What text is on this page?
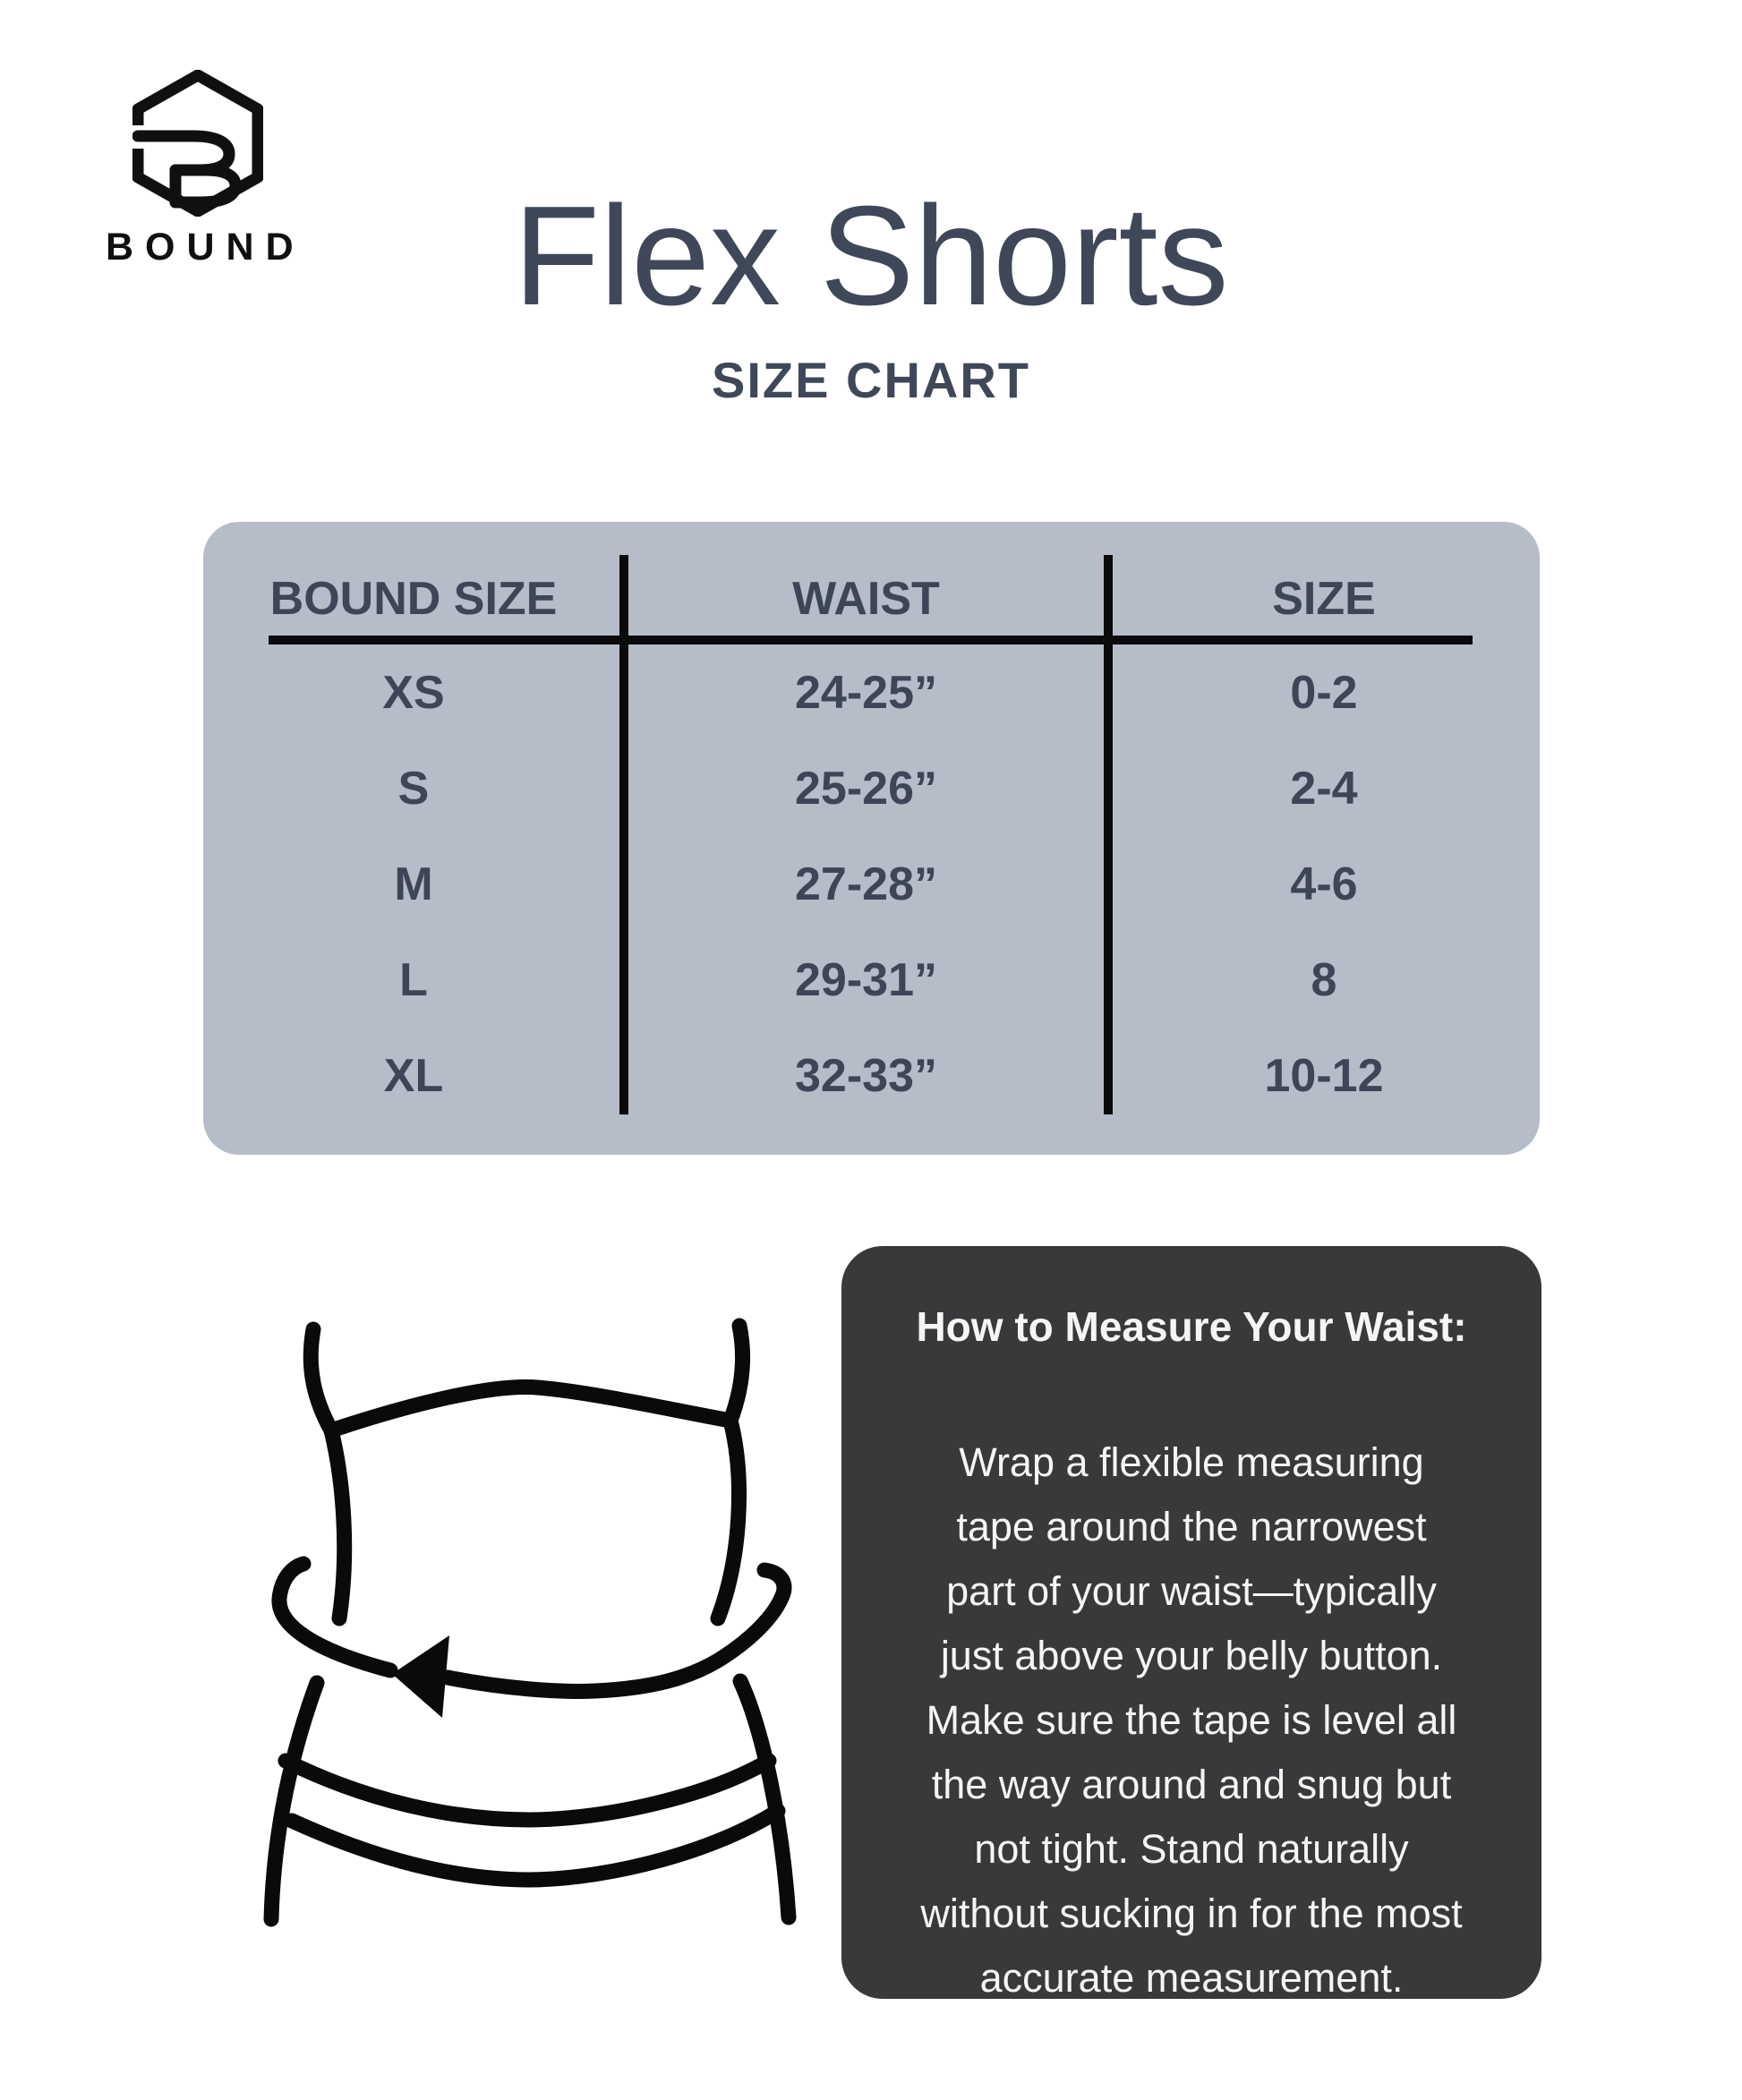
BOUND	Flex Shorts
SIZE CHART
BOUND SIZE	WAIST	SIZE
XS	24-25”	0-2
S	25-26”	2-4
M	27-28”	4-6
L	29-31”	8
XL	32-33”	10-12
How to Measure Your Waist:
Wrap a flexible measuring
tape around the narrowest
part of your waist—typically
just above your belly button.
Make sure the tape is level all
the way around and snug but
not tight. Stand naturally
without sucking in for the most
accurate measurement.
